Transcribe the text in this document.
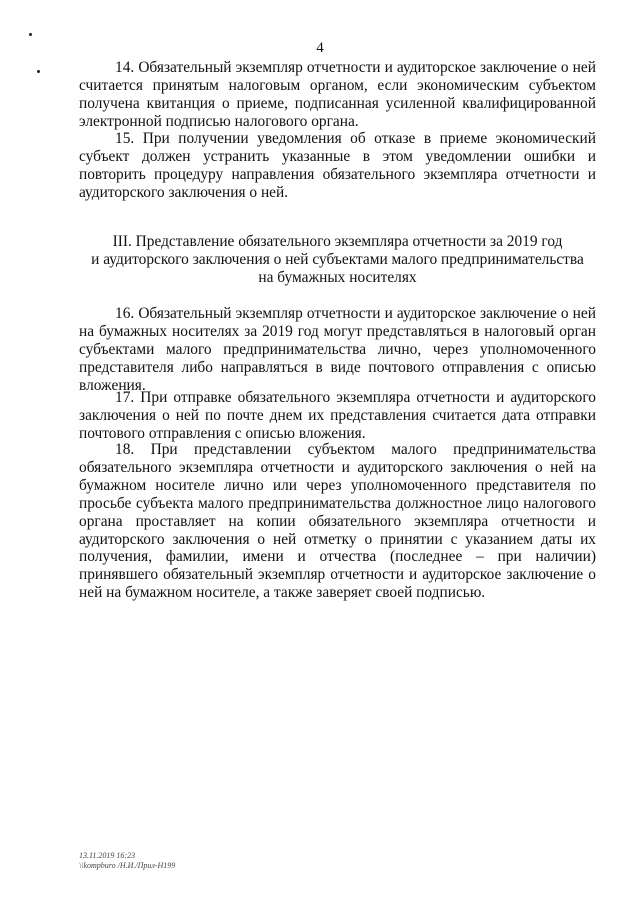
4

14. Обязательный экземпляр отчетности и аудиторское заключение о ней считается принятым налоговым органом, если экономическим субъектом получена квитанция о приеме, подписанная усиленной квалифицированной электронной подписью налогового органа.

15. При получении уведомления об отказе в приеме экономический субъект должен устранить указанные в этом уведомлении ошибки и повторить процедуру направления обязательного экземпляра отчетности и аудиторского заключения о ней.

III. Представление обязательного экземпляра отчетности за 2019 год
и аудиторского заключения о ней субъектами малого предпринимательства
на бумажных носителях

16. Обязательный экземпляр отчетности и аудиторское заключение о ней на бумажных носителях за 2019 год могут представляться в налоговый орган субъектами малого предпринимательства лично, через уполномоченного представителя либо направляться в виде почтового отправления с описью вложения.

17. При отправке обязательного экземпляра отчетности и аудиторского заключения о ней по почте днем их представления считается дата отправки почтового отправления с описью вложения.

18. При представлении субъектом малого предпринимательства обязательного экземпляра отчетности и аудиторского заключения о ней на бумажном носителе лично или через уполномоченного представителя по просьбе субъекта малого предпринимательства должностное лицо налогового органа проставляет на копии обязательного экземпляра отчетности и аудиторского заключения о ней отметку о принятии с указанием даты их получения, фамилии, имени и отчества (последнее – при наличии) принявшего обязательный экземпляр отчетности и аудиторское заключение о ней на бумажном носителе, а также заверяет своей подписью.

13.11.2019 16:23
\\kompburo /Н.И./Прил-Н199
